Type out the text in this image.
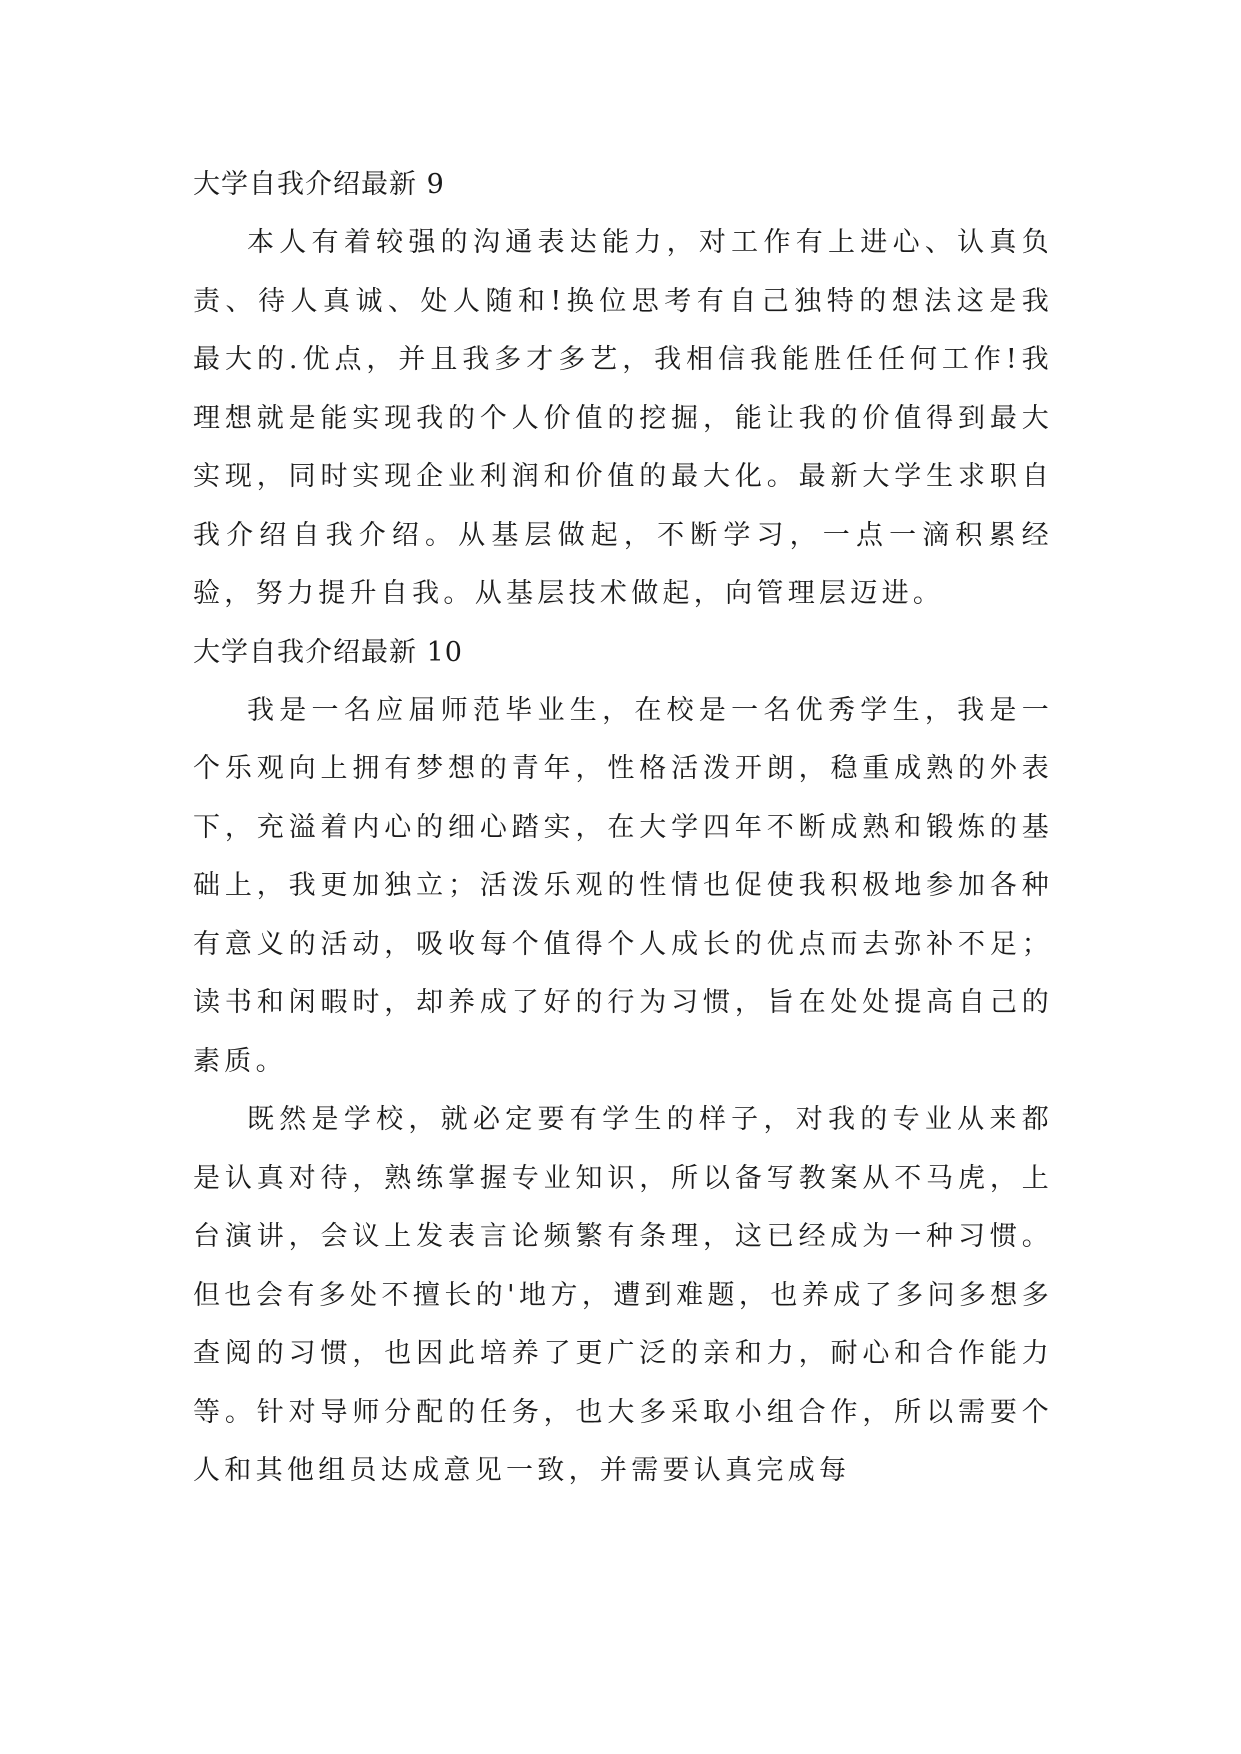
大学自我介绍最新 9

本人有着较强的沟通表达能力，对工作有上进心、认真负责、待人真诚、处人随和!换位思考有自己独特的想法这是我最大的.优点，并且我多才多艺，我相信我能胜任任何工作!我理想就是能实现我的个人价值的挖掘，能让我的价值得到最大实现，同时实现企业利润和价值的最大化。最新大学生求职自我介绍自我介绍。从基层做起，不断学习，一点一滴积累经验，努力提升自我。从基层技术做起，向管理层迈进。

大学自我介绍最新 10

我是一名应届师范毕业生，在校是一名优秀学生，我是一个乐观向上拥有梦想的青年，性格活泼开朗，稳重成熟的外表下，充溢着内心的细心踏实，在大学四年不断成熟和锻炼的基础上，我更加独立；活泼乐观的性情也促使我积极地参加各种有意义的活动，吸收每个值得个人成长的优点而去弥补不足；读书和闲暇时，却养成了好的行为习惯，旨在处处提高自己的素质。

既然是学校，就必定要有学生的样子，对我的专业从来都是认真对待，熟练掌握专业知识，所以备写教案从不马虎，上台演讲，会议上发表言论频繁有条理，这已经成为一种习惯。但也会有多处不擅长的'地方，遭到难题，也养成了多问多想多查阅的习惯，也因此培养了更广泛的亲和力，耐心和合作能力等。针对导师分配的任务，也大多采取小组合作，所以需要个人和其他组员达成意见一致，并需要认真完成每
